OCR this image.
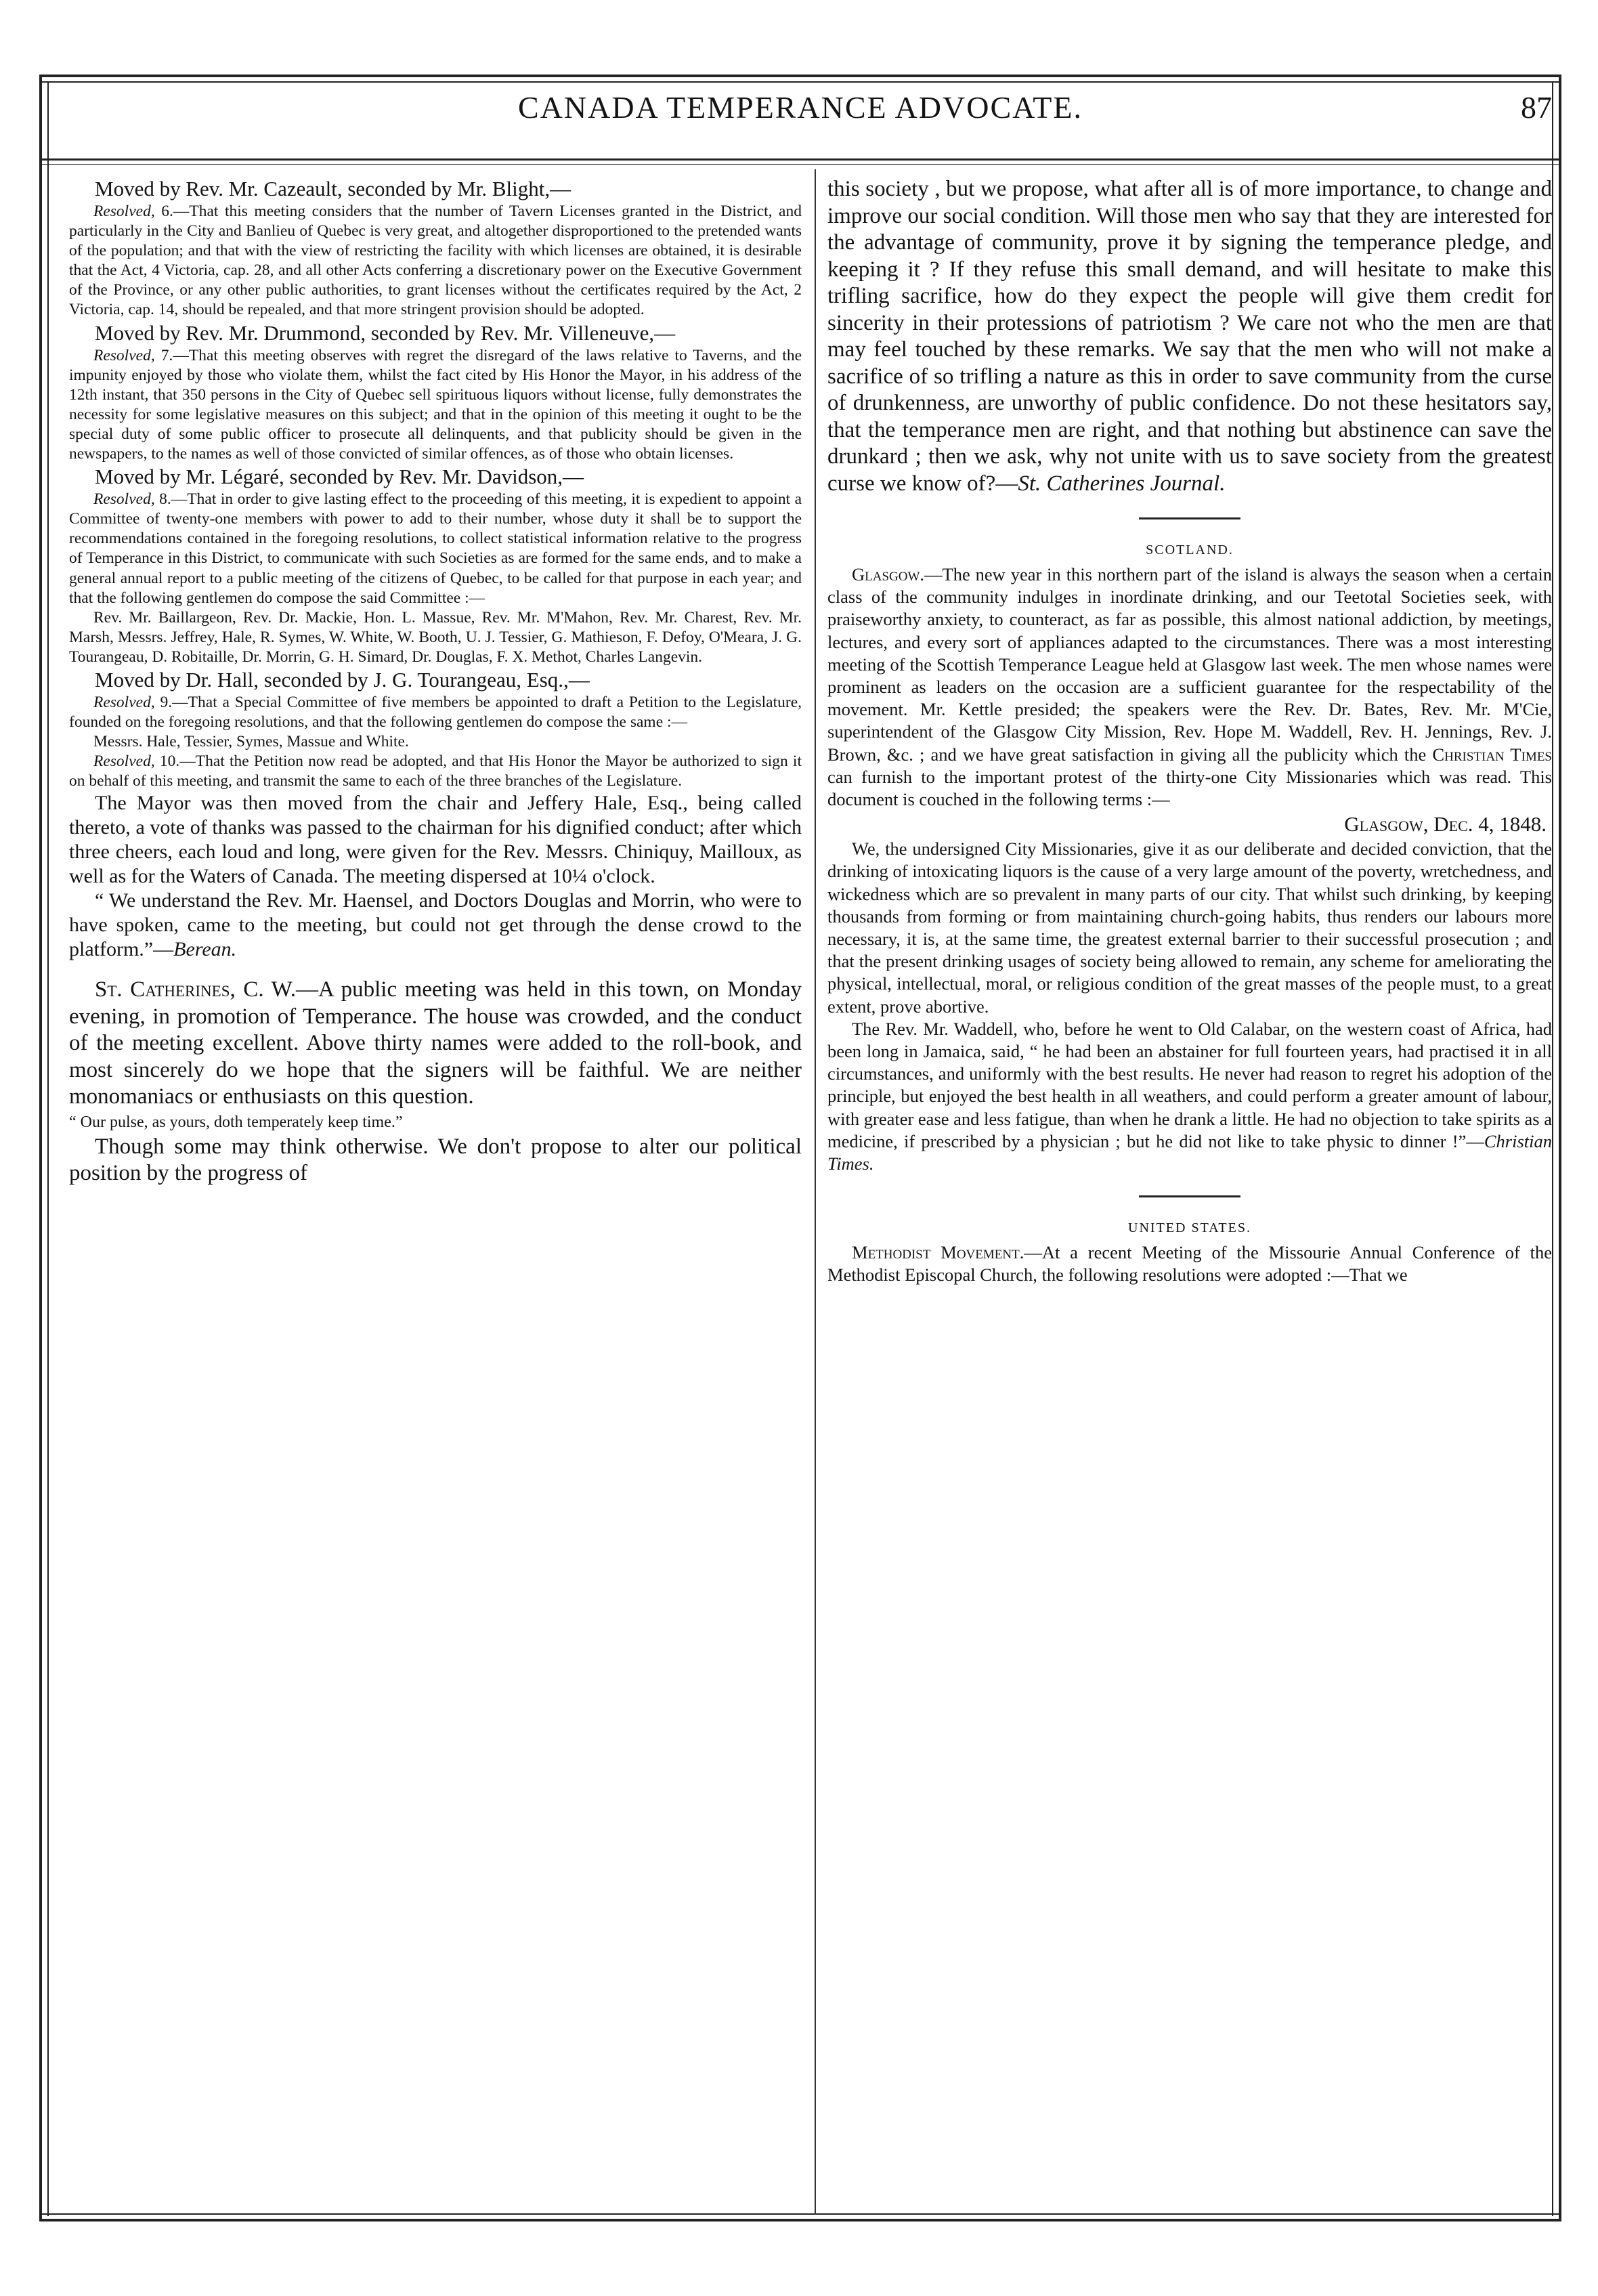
CANADA TEMPERANCE ADVOCATE.	87

Moved by Rev. Mr. Cazeault, seconded by Mr. Blight,—

Resolved, 6.—That this meeting considers that the number of Tavern Licenses granted in the District, and particularly in the City and Banlieu of Quebec is very great, and altogether disproportioned to the pretended wants of the population; and that with the view of restricting the facility with which licenses are obtained, it is desirable that the Act, 4 Victoria, cap. 28, and all other Acts conferring a discretionary power on the Executive Government of the Province, or any other public authorities, to grant licenses without the certificates required by the Act, 2 Victoria, cap. 14, should be repealed, and that more stringent provision should be adopted.

Moved by Rev. Mr. Drummond, seconded by Rev. Mr. Villeneuve,—

Resolved, 7.—That this meeting observes with regret the disregard of the laws relative to Taverns, and the impunity enjoyed by those who violate them, whilst the fact cited by His Honor the Mayor, in his address of the 12th instant, that 350 persons in the City of Quebec sell spirituous liquors without license, fully demonstrates the necessity for some legislative measures on this subject; and that in the opinion of this meeting it ought to be the special duty of some public officer to prosecute all delinquents, and that publicity should be given in the newspapers, to the names as well of those convicted of similar offences, as of those who obtain licenses.

Moved by Mr. Légaré, seconded by Rev. Mr. Davidson,—

Resolved, 8.—That in order to give lasting effect to the proceeding of this meeting, it is expedient to appoint a Committee of twenty-one members with power to add to their number, whose duty it shall be to support the recommendations contained in the foregoing resolutions, to collect statistical information relative to the progress of Temperance in this District, to communicate with such Societies as are formed for the same ends, and to make a general annual report to a public meeting of the citizens of Quebec, to be called for that purpose in each year; and that the following gentlemen do compose the said Committee :—

Rev. Mr. Baillargeon, Rev. Dr. Mackie, Hon. L. Massue, Rev. Mr. M'Mahon, Rev. Mr. Charest, Rev. Mr. Marsh, Messrs. Jeffrey, Hale, R. Symes, W. White, W. Booth, U. J. Tessier, G. Mathieson, F. Defoy, O'Meara, J. G. Tourangeau, D. Robitaille, Dr. Morrin, G. H. Simard, Dr. Douglas, F. X. Methot, Charles Langevin.

Moved by Dr. Hall, seconded by J. G. Tourangeau, Esq.,—

Resolved, 9.—That a Special Committee of five members be appointed to draft a Petition to the Legislature, founded on the foregoing resolutions, and that the following gentlemen do compose the same :—

Messrs. Hale, Tessier, Symes, Massue and White.

Resolved, 10.—That the Petition now read be adopted, and that His Honor the Mayor be authorized to sign it on behalf of this meeting, and transmit the same to each of the three branches of the Legislature.

The Mayor was then moved from the chair and Jeffery Hale, Esq., being called thereto, a vote of thanks was passed to the chairman for his dignified conduct; after which three cheers, each loud and long, were given for the Rev. Messrs. Chiniquy, Mailloux, as well as for the Waters of Canada. The meeting dispersed at 10¼ o'clock.

“ We understand the Rev. Mr. Haensel, and Doctors Douglas and Morrin, who were to have spoken, came to the meeting, but could not get through the dense crowd to the platform.”—Berean.

St. Catherines, C. W.—A public meeting was held in this town, on Monday evening, in promotion of Temperance. The house was crowded, and the conduct of the meeting excellent. Above thirty names were added to the roll-book, and most sincerely do we hope that the signers will be faithful. We are neither monomaniacs or enthusiasts on this question.

“ Our pulse, as yours, doth temperately keep time.”

Though some may think otherwise. We don't propose to alter our political position by the progress of

this society , but we propose, what after all is of more importance, to change and improve our social condition. Will those men who say that they are interested for the advantage of community, prove it by signing the temperance pledge, and keeping it ? If they refuse this small demand, and will hesitate to make this trifling sacrifice, how do they expect the people will give them credit for sincerity in their protessions of patriotism ? We care not who the men are that may feel touched by these remarks. We say that the men who will not make a sacrifice of so trifling a nature as this in order to save community from the curse of drunkenness, are unworthy of public confidence. Do not these hesitators say, that the temperance men are right, and that nothing but abstinence can save the drunkard ; then we ask, why not unite with us to save society from the greatest curse we know of?—St. Catherines Journal.

SCOTLAND.

Glasgow.—The new year in this northern part of the island is always the season when a certain class of the community indulges in inordinate drinking, and our Teetotal Societies seek, with praiseworthy anxiety, to counteract, as far as possible, this almost national addiction, by meetings, lectures, and every sort of appliances adapted to the circumstances. There was a most interesting meeting of the Scottish Temperance League held at Glasgow last week. The men whose names were prominent as leaders on the occasion are a sufficient guarantee for the respectability of the movement. Mr. Kettle presided; the speakers were the Rev. Dr. Bates, Rev. Mr. M'Cie, superintendent of the Glasgow City Mission, Rev. Hope M. Waddell, Rev. H. Jennings, Rev. J. Brown, &c. ; and we have great satisfaction in giving all the publicity which the Christian Times can furnish to the important protest of the thirty-one City Missionaries which was read. This document is couched in the following terms :—

Glasgow, Dec. 4, 1848.

We, the undersigned City Missionaries, give it as our deliberate and decided conviction, that the drinking of intoxicating liquors is the cause of a very large amount of the poverty, wretchedness, and wickedness which are so prevalent in many parts of our city. That whilst such drinking, by keeping thousands from forming or from maintaining church-going habits, thus renders our labours more necessary, it is, at the same time, the greatest external barrier to their successful prosecution ; and that the present drinking usages of society being allowed to remain, any scheme for ameliorating the physical, intellectual, moral, or religious condition of the great masses of the people must, to a great extent, prove abortive.

The Rev. Mr. Waddell, who, before he went to Old Calabar, on the western coast of Africa, had been long in Jamaica, said, “ he had been an abstainer for full fourteen years, had practised it in all circumstances, and uniformly with the best results. He never had reason to regret his adoption of the principle, but enjoyed the best health in all weathers, and could perform a greater amount of labour, with greater ease and less fatigue, than when he drank a little. He had no objection to take spirits as a medicine, if prescribed by a physician ; but he did not like to take physic to dinner !”—Christian Times.

UNITED STATES.

Methodist Movement.—At a recent Meeting of the Missourie Annual Conference of the Methodist Episcopal Church, the following resolutions were adopted :—That we
